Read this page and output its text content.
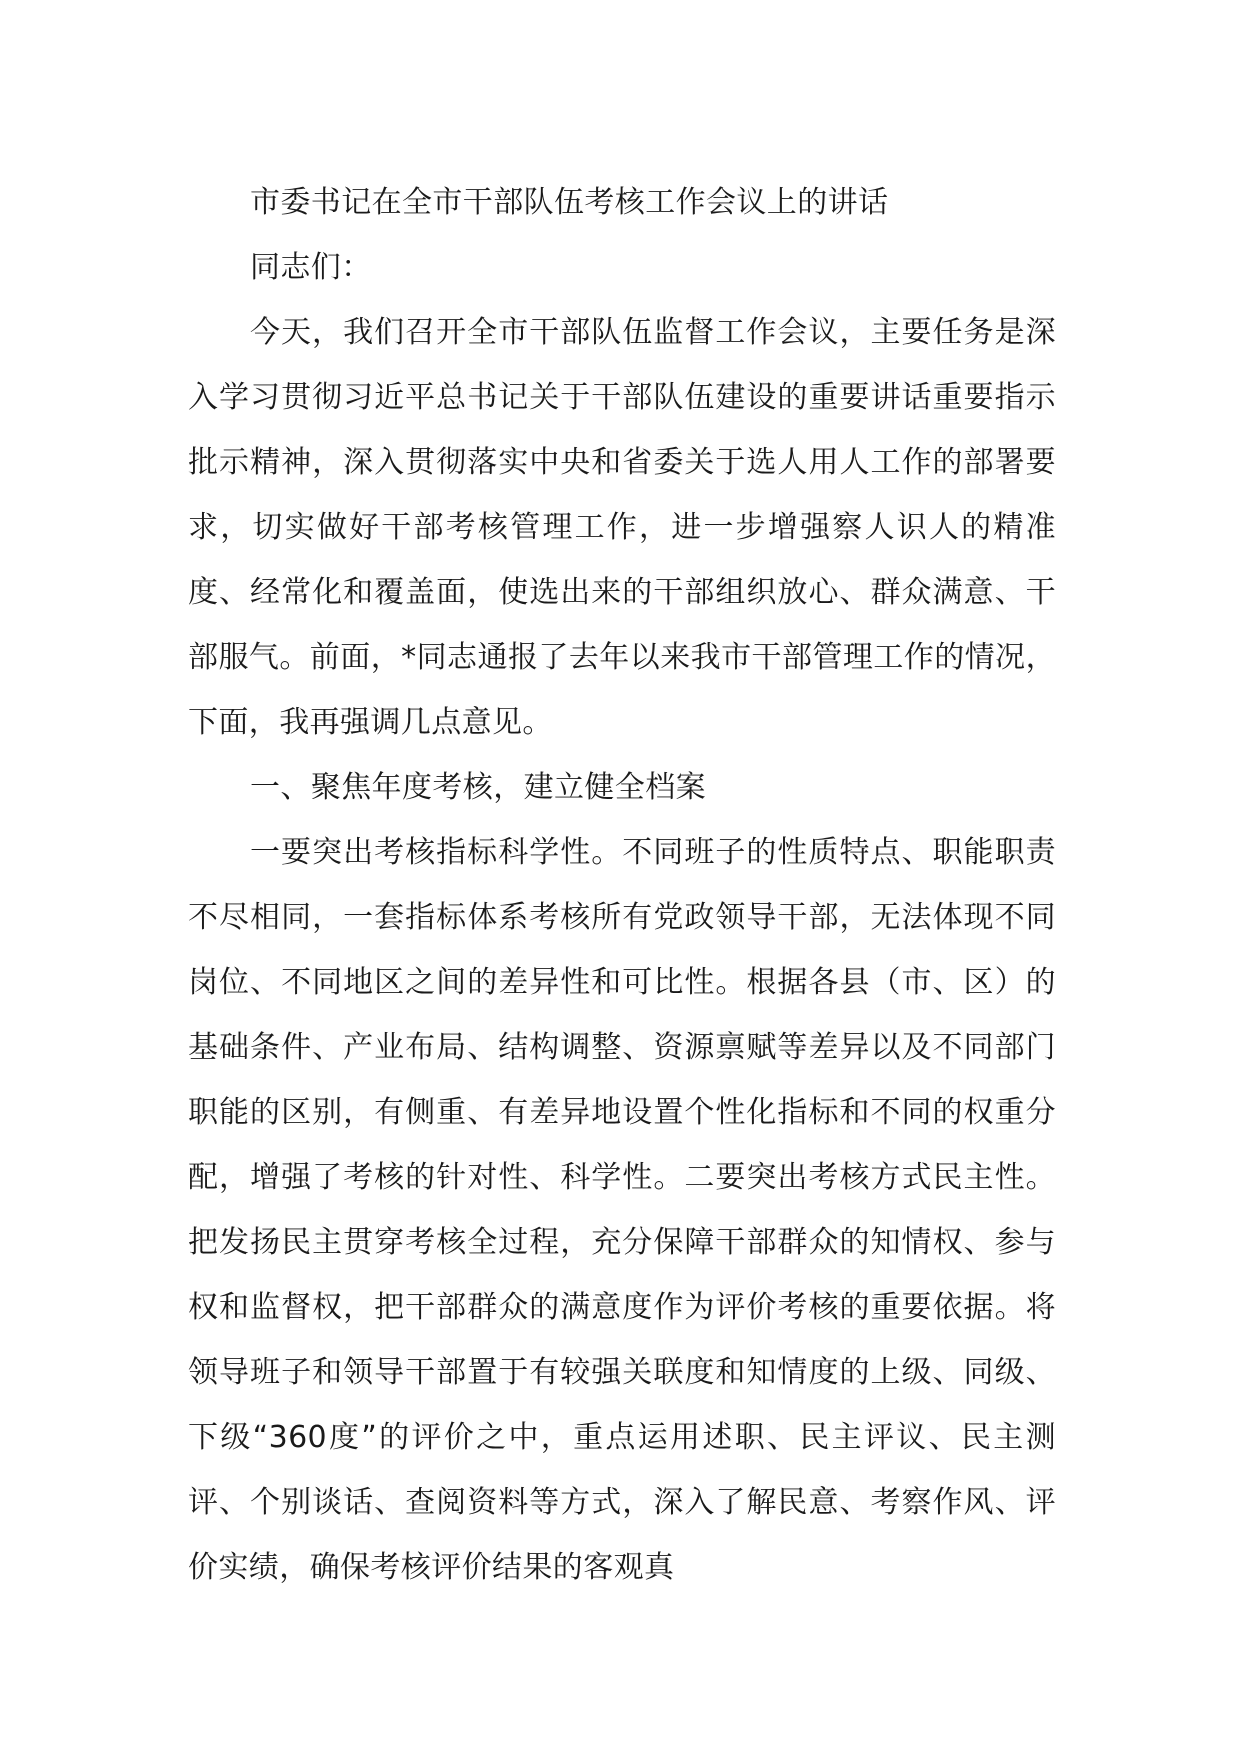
市委书记在全市干部队伍考核工作会议上的讲话

同志们：

今天，我们召开全市干部队伍监督工作会议，主要任务是深入学习贯彻习近平总书记关于干部队伍建设的重要讲话重要指示批示精神，深入贯彻落实中央和省委关于选人用人工作的部署要求，切实做好干部考核管理工作，进一步增强察人识人的精准度、经常化和覆盖面，使选出来的干部组织放心、群众满意、干部服气。前面，*同志通报了去年以来我市干部管理工作的情况，下面，我再强调几点意见。

一、聚焦年度考核，建立健全档案

一要突出考核指标科学性。不同班子的性质特点、职能职责不尽相同，一套指标体系考核所有党政领导干部，无法体现不同岗位、不同地区之间的差异性和可比性。根据各县（市、区）的基础条件、产业布局、结构调整、资源禀赋等差异以及不同部门职能的区别，有侧重、有差异地设置个性化指标和不同的权重分配，增强了考核的针对性、科学性。二要突出考核方式民主性。把发扬民主贯穿考核全过程，充分保障干部群众的知情权、参与权和监督权，把干部群众的满意度作为评价考核的重要依据。将领导班子和领导干部置于有较强关联度和知情度的上级、同级、下级“360度”的评价之中，重点运用述职、民主评议、民主测评、个别谈话、查阅资料等方式，深入了解民意、考察作风、评价实绩，确保考核评价结果的客观真
